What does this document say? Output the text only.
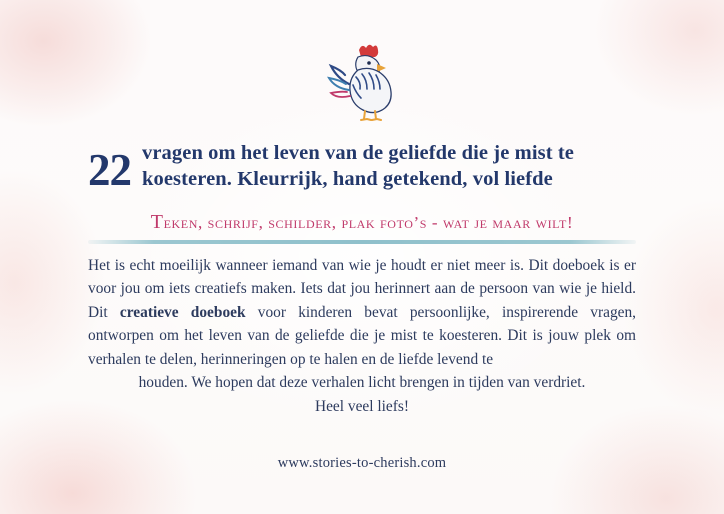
22 vragen om het leven van de geliefde die je mist te
koesteren. Kleurrijk, hand getekend, vol liefde
Teken, schrijf, schilder, plak foto’s - wat je maar wilt!
Het is echt moeilijk wanneer iemand van wie je houdt er niet meer is. Dit doeboek is er voor jou om iets creatiefs maken. Iets dat jou herinnert aan de persoon van wie je hield. Dit creatieve doeboek voor kinderen bevat persoonlijke, inspirerende vragen, ontworpen om het leven van de geliefde die je mist te koesteren. Dit is jouw plek om verhalen te delen, herinneringen op te halen en de liefde levend te
houden. We hopen dat deze verhalen licht brengen in tijden van verdriet.
Heel veel liefs!
www.stories-to-cherish.com
